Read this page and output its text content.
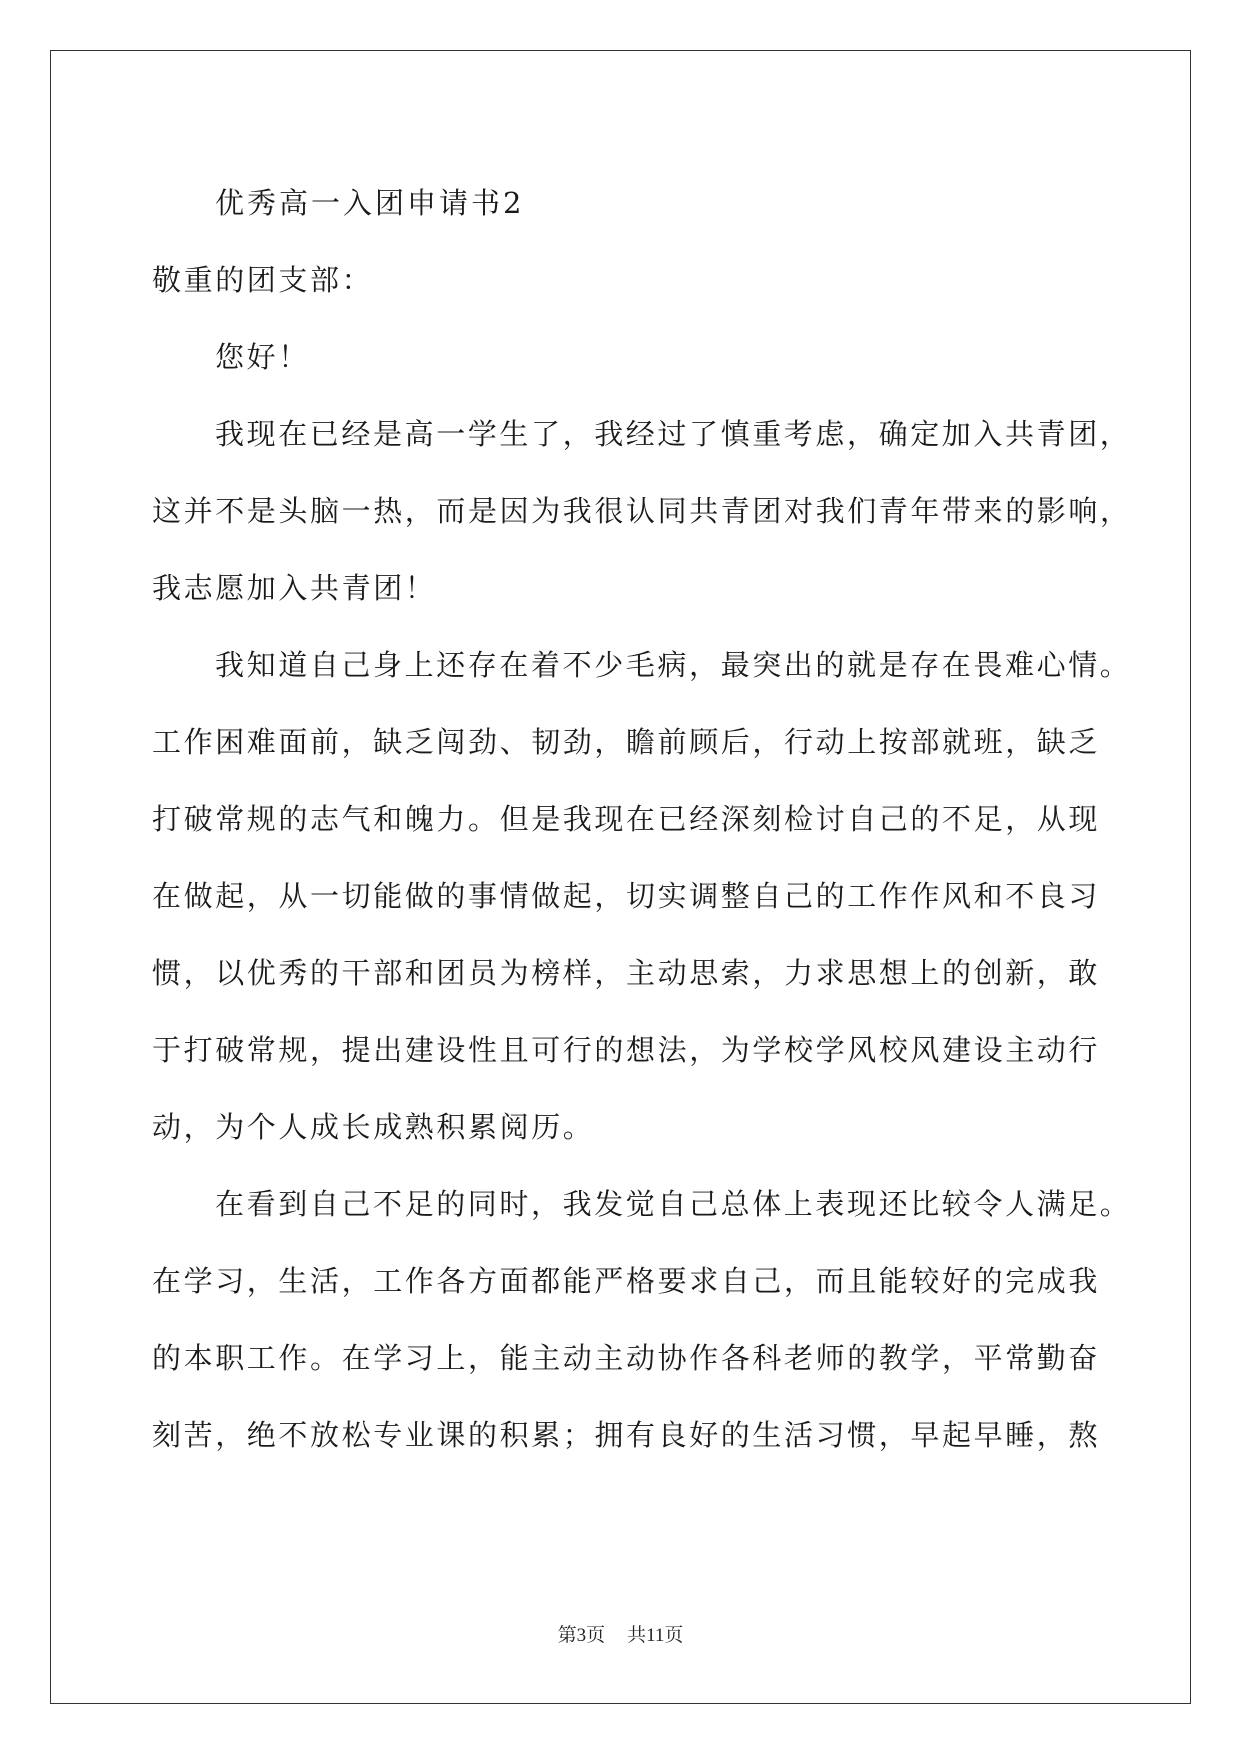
优秀高一入团申请书2
敬重的团支部：
您好！
我现在已经是高一学生了，我经过了慎重考虑，确定加入共青团，
这并不是头脑一热，而是因为我很认同共青团对我们青年带来的影响，
我志愿加入共青团！
我知道自己身上还存在着不少毛病，最突出的就是存在畏难心情。
工作困难面前，缺乏闯劲、韧劲，瞻前顾后，行动上按部就班，缺乏
打破常规的志气和魄力。但是我现在已经深刻检讨自己的不足，从现
在做起，从一切能做的事情做起，切实调整自己的工作作风和不良习
惯，以优秀的干部和团员为榜样，主动思索，力求思想上的创新，敢
于打破常规，提出建设性且可行的想法，为学校学风校风建设主动行
动，为个人成长成熟积累阅历。
在看到自己不足的同时，我发觉自己总体上表现还比较令人满足。
在学习，生活，工作各方面都能严格要求自己，而且能较好的完成我
的本职工作。在学习上，能主动主动协作各科老师的教学，平常勤奋
刻苦，绝不放松专业课的积累；拥有良好的生活习惯，早起早睡，熬
第3页 共11页
